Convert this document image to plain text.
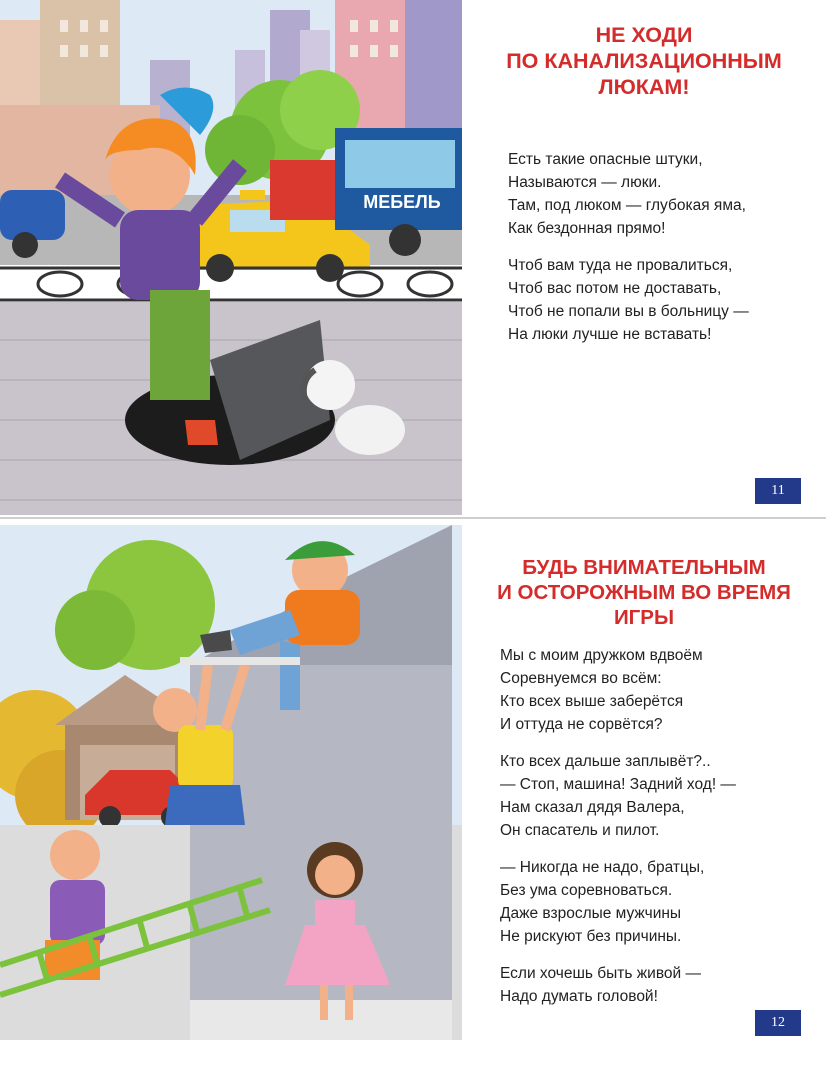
МЕБЕЛЬ
НЕ ХОДИ
ПО КАНАЛИЗАЦИОННЫМ
ЛЮКАМ!
Есть такие опасные штуки,
Называются — люки.
Там, под люком — глубокая яма,
Как бездонная прямо!
Чтоб вам туда не провалиться,
Чтоб вас потом не доставать,
Чтоб не попали вы в больницу —
На люки лучше не вставать!
11
БУДЬ ВНИМАТЕЛЬНЫМ
И ОСТОРОЖНЫМ ВО ВРЕМЯ
ИГРЫ
Мы с моим дружком вдвоём
Соревнуемся во всём:
Кто всех выше заберётся
И оттуда не сорвётся?
Кто всех дальше заплывёт?..
— Стоп, машина! Задний ход! —
Нам сказал дядя Валера,
Он спасатель и пилот.
— Никогда не надо, братцы,
Без ума соревноваться.
Даже взрослые мужчины
Не рискуют без причины.
Если хочешь быть живой —
Надо думать головой!
12
